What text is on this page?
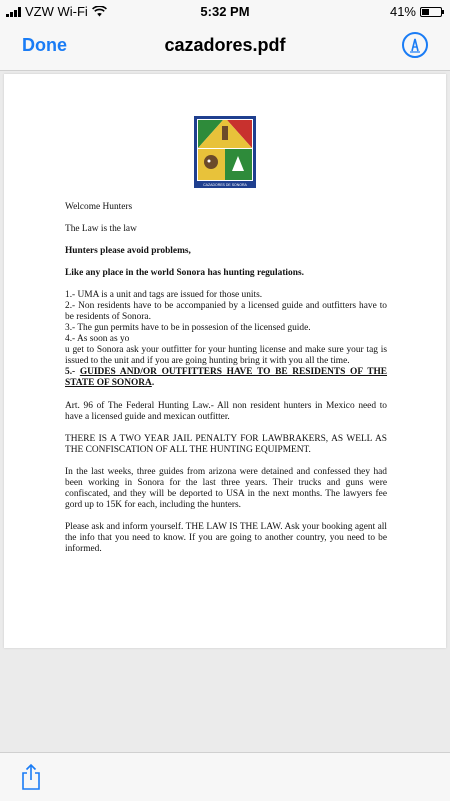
VZW Wi-Fi	5:32 PM	41%
Done	cazadores.pdf
CAZADORES DE SONORA

Welcome Hunters

The Law is the law

Hunters please avoid problems,

Like any place in the world Sonora has hunting regulations.

1.- UMA is a unit and tags are issued for those units.

2.- Non residents have to be accompanied by a licensed guide and outfitters have to be residents of Sonora.

3.- The gun permits have to be in possesion of the licensed guide.

4.- As soon as yo

u get to Sonora ask your outfitter for your hunting license and make sure your tag is issued to the unit and if you are going hunting bring it with you all the time.

5.- GUIDES AND/OR OUTFITTERS HAVE TO BE RESIDENTS OF THE STATE OF SONORA.

Art. 96 of The Federal Hunting Law.- All non resident hunters in Mexico need to have a licensed guide and mexican outfitter.

THERE IS A TWO YEAR JAIL PENALTY FOR LAWBRAKERS, AS WELL AS THE CONFISCATION OF ALL THE HUNTING EQUIPMENT.

In the last weeks, three guides from arizona were detained and confessed they had been working in Sonora for the last three years. Their trucks and guns were confiscated, and they will be deported to USA in the next months. The lawyers fee gord up to 15K for each, including the hunters.

Please ask and inform yourself. THE LAW IS THE LAW. Ask your booking agent all the info that you need to know. If you are going to another country, you need to be informed.
